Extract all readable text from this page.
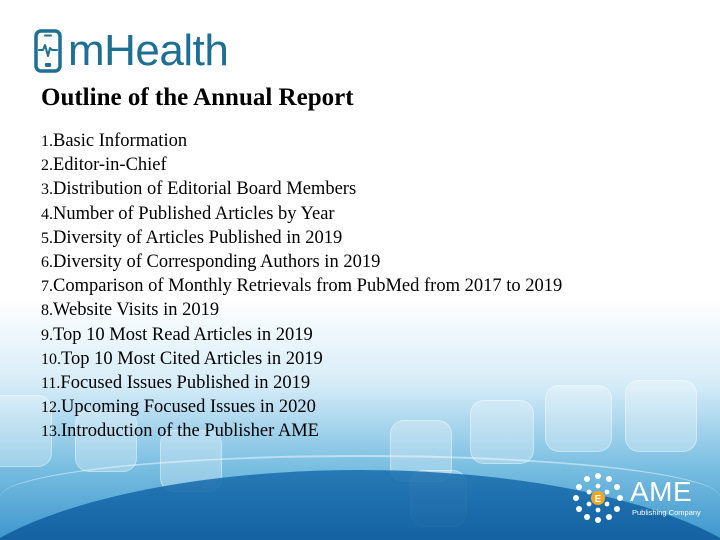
mHealth
Outline of the Annual Report
1.Basic Information
2.Editor-in-Chief
3.Distribution of Editorial Board Members
4.Number of Published Articles by Year
5.Diversity of Articles Published in 2019
6.Diversity of Corresponding Authors in 2019
7.Comparison of Monthly Retrievals from PubMed from 2017 to 2019
8.Website Visits in 2019
9.Top 10 Most Read Articles in 2019
10.Top 10 Most Cited Articles in 2019
11.Focused Issues Published in 2019
12.Upcoming Focused Issues in 2020
13.Introduction of the Publisher AME
E AME
Publishing Company
